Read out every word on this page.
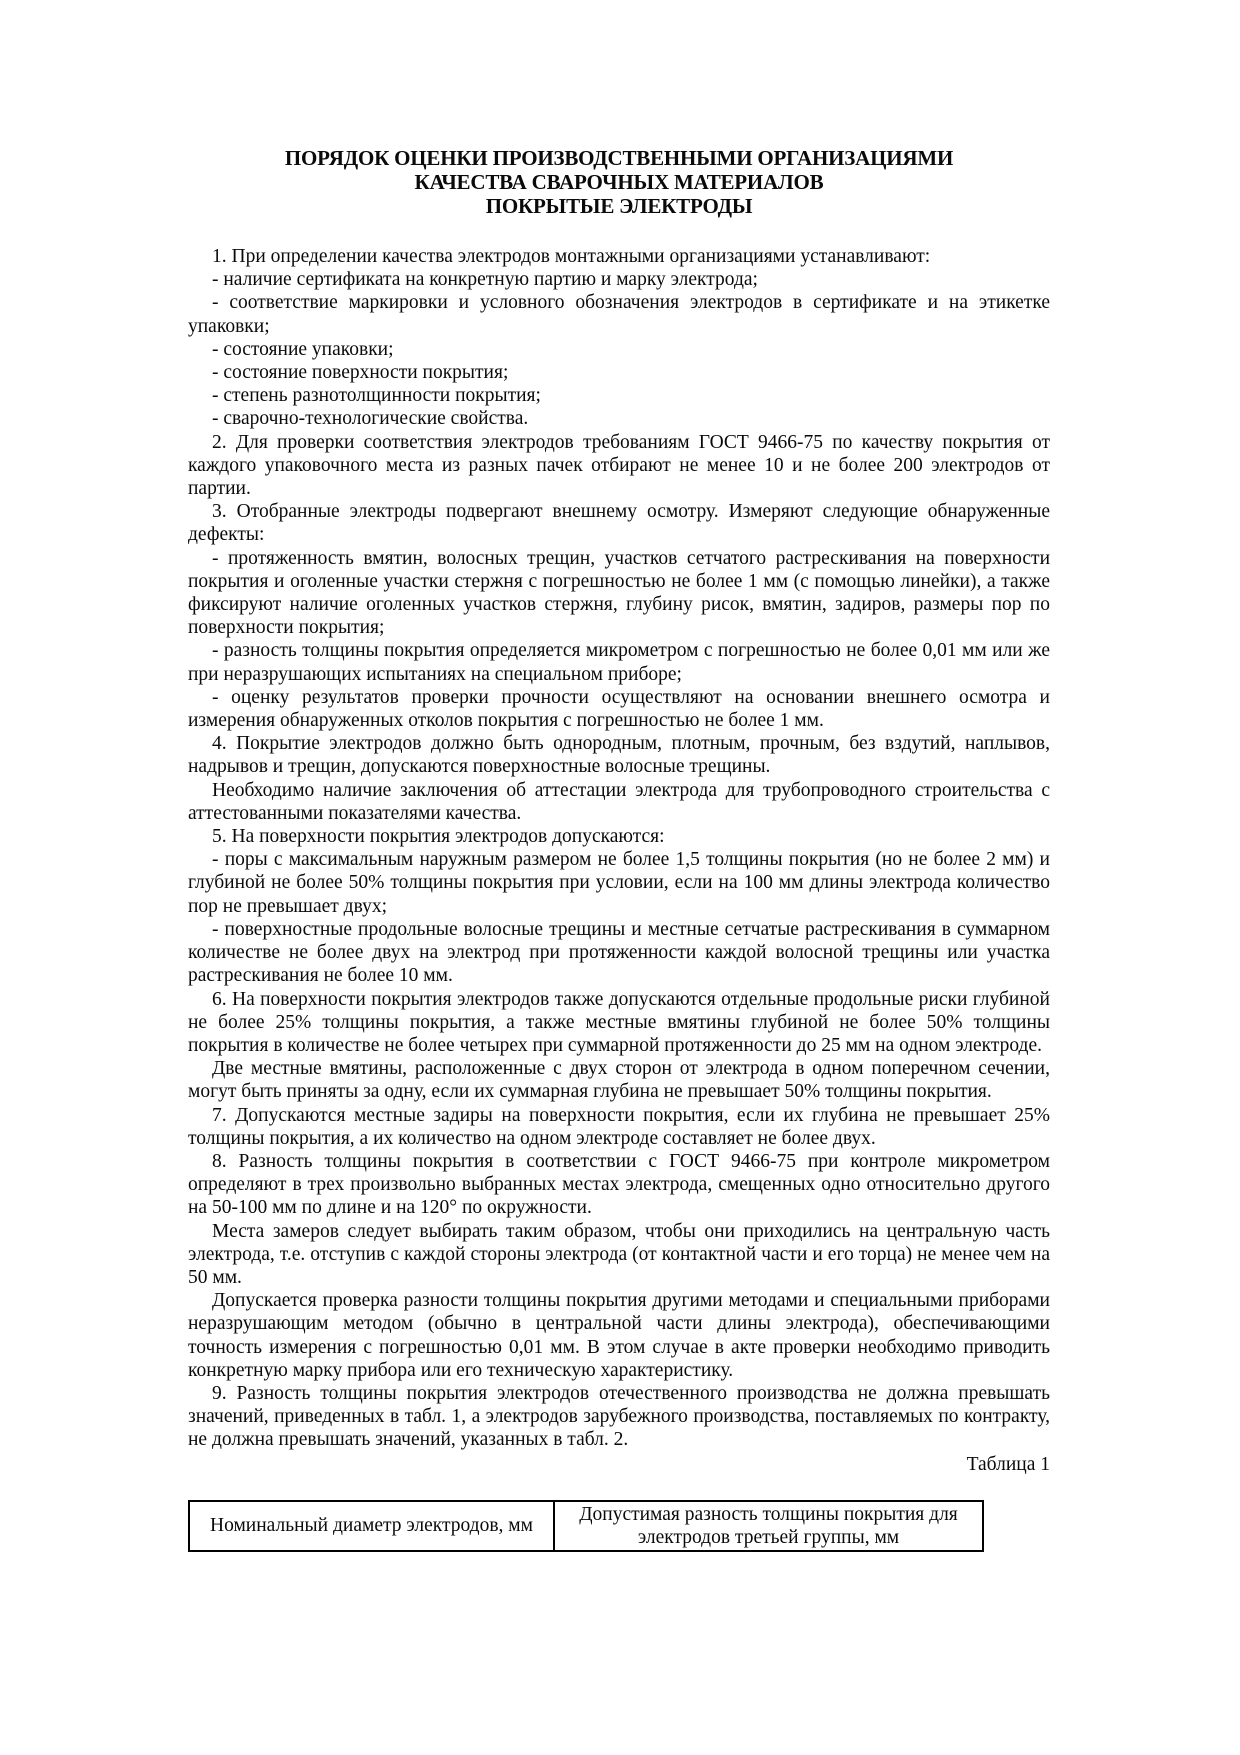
ПОРЯДОК ОЦЕНКИ ПРОИЗВОДСТВЕННЫМИ ОРГАНИЗАЦИЯМИ
КАЧЕСТВА СВАРОЧНЫХ МАТЕРИАЛОВ
ПОКРЫТЫЕ ЭЛЕКТРОДЫ

1. При определении качества электродов монтажными организациями устанавливают:

- наличие сертификата на конкретную партию и марку электрода;

- соответствие маркировки и условного обозначения электродов в сертификате и на этикетке упаковки;

- состояние упаковки;

- состояние поверхности покрытия;

- степень разнотолщинности покрытия;

- сварочно-технологические свойства.

2. Для проверки соответствия электродов требованиям ГОСТ 9466-75 по качеству покрытия от каждого упаковочного места из разных пачек отбирают не менее 10 и не более 200 электродов от партии.

3. Отобранные электроды подвергают внешнему осмотру. Измеряют следующие обнаруженные дефекты:

- протяженность вмятин, волосных трещин, участков сетчатого растрескивания на поверхности покрытия и оголенные участки стержня с погрешностью не более 1 мм (с помощью линейки), а также фиксируют наличие оголенных участков стержня, глубину рисок, вмятин, задиров, размеры пор по поверхности покрытия;

- разность толщины покрытия определяется микрометром с погрешностью не более 0,01 мм или же при неразрушающих испытаниях на специальном приборе;

- оценку результатов проверки прочности осуществляют на основании внешнего осмотра и измерения обнаруженных отколов покрытия с погрешностью не более 1 мм.

4. Покрытие электродов должно быть однородным, плотным, прочным, без вздутий, наплывов, надрывов и трещин, допускаются поверхностные волосные трещины.

Необходимо наличие заключения об аттестации электрода для трубопроводного строительства с аттестованными показателями качества.

5. На поверхности покрытия электродов допускаются:

- поры с максимальным наружным размером не более 1,5 толщины покрытия (но не более 2 мм) и глубиной не более 50% толщины покрытия при условии, если на 100 мм длины электрода количество пор не превышает двух;

- поверхностные продольные волосные трещины и местные сетчатые растрескивания в суммарном количестве не более двух на электрод при протяженности каждой волосной трещины или участка растрескивания не более 10 мм.

6. На поверхности покрытия электродов также допускаются отдельные продольные риски глубиной не более 25% толщины покрытия, а также местные вмятины глубиной не более 50% толщины покрытия в количестве не более четырех при суммарной протяженности до 25 мм на одном электроде.

Две местные вмятины, расположенные с двух сторон от электрода в одном поперечном сечении, могут быть приняты за одну, если их суммарная глубина не превышает 50% толщины покрытия.

7. Допускаются местные задиры на поверхности покрытия, если их глубина не превышает 25% толщины покрытия, а их количество на одном электроде составляет не более двух.

8. Разность толщины покрытия в соответствии с ГОСТ 9466-75 при контроле микрометром определяют в трех произвольно выбранных местах электрода, смещенных одно относительно другого на 50-100 мм по длине и на 120° по окружности.

Места замеров следует выбирать таким образом, чтобы они приходились на центральную часть электрода, т.е. отступив с каждой стороны электрода (от контактной части и его торца) не менее чем на 50 мм.

Допускается проверка разности толщины покрытия другими методами и специальными приборами неразрушающим методом (обычно в центральной части длины электрода), обеспечивающими точность измерения с погрешностью 0,01 мм. В этом случае в акте проверки необходимо приводить конкретную марку прибора или его техническую характеристику.

9. Разность толщины покрытия электродов отечественного производства не должна превышать значений, приведенных в табл. 1, а электродов зарубежного производства, поставляемых по контракту, не должна превышать значений, указанных в табл. 2.

Таблица 1
Номинальный диаметр электродов, мм	Допустимая разность толщины покрытия для электродов третьей группы, мм
